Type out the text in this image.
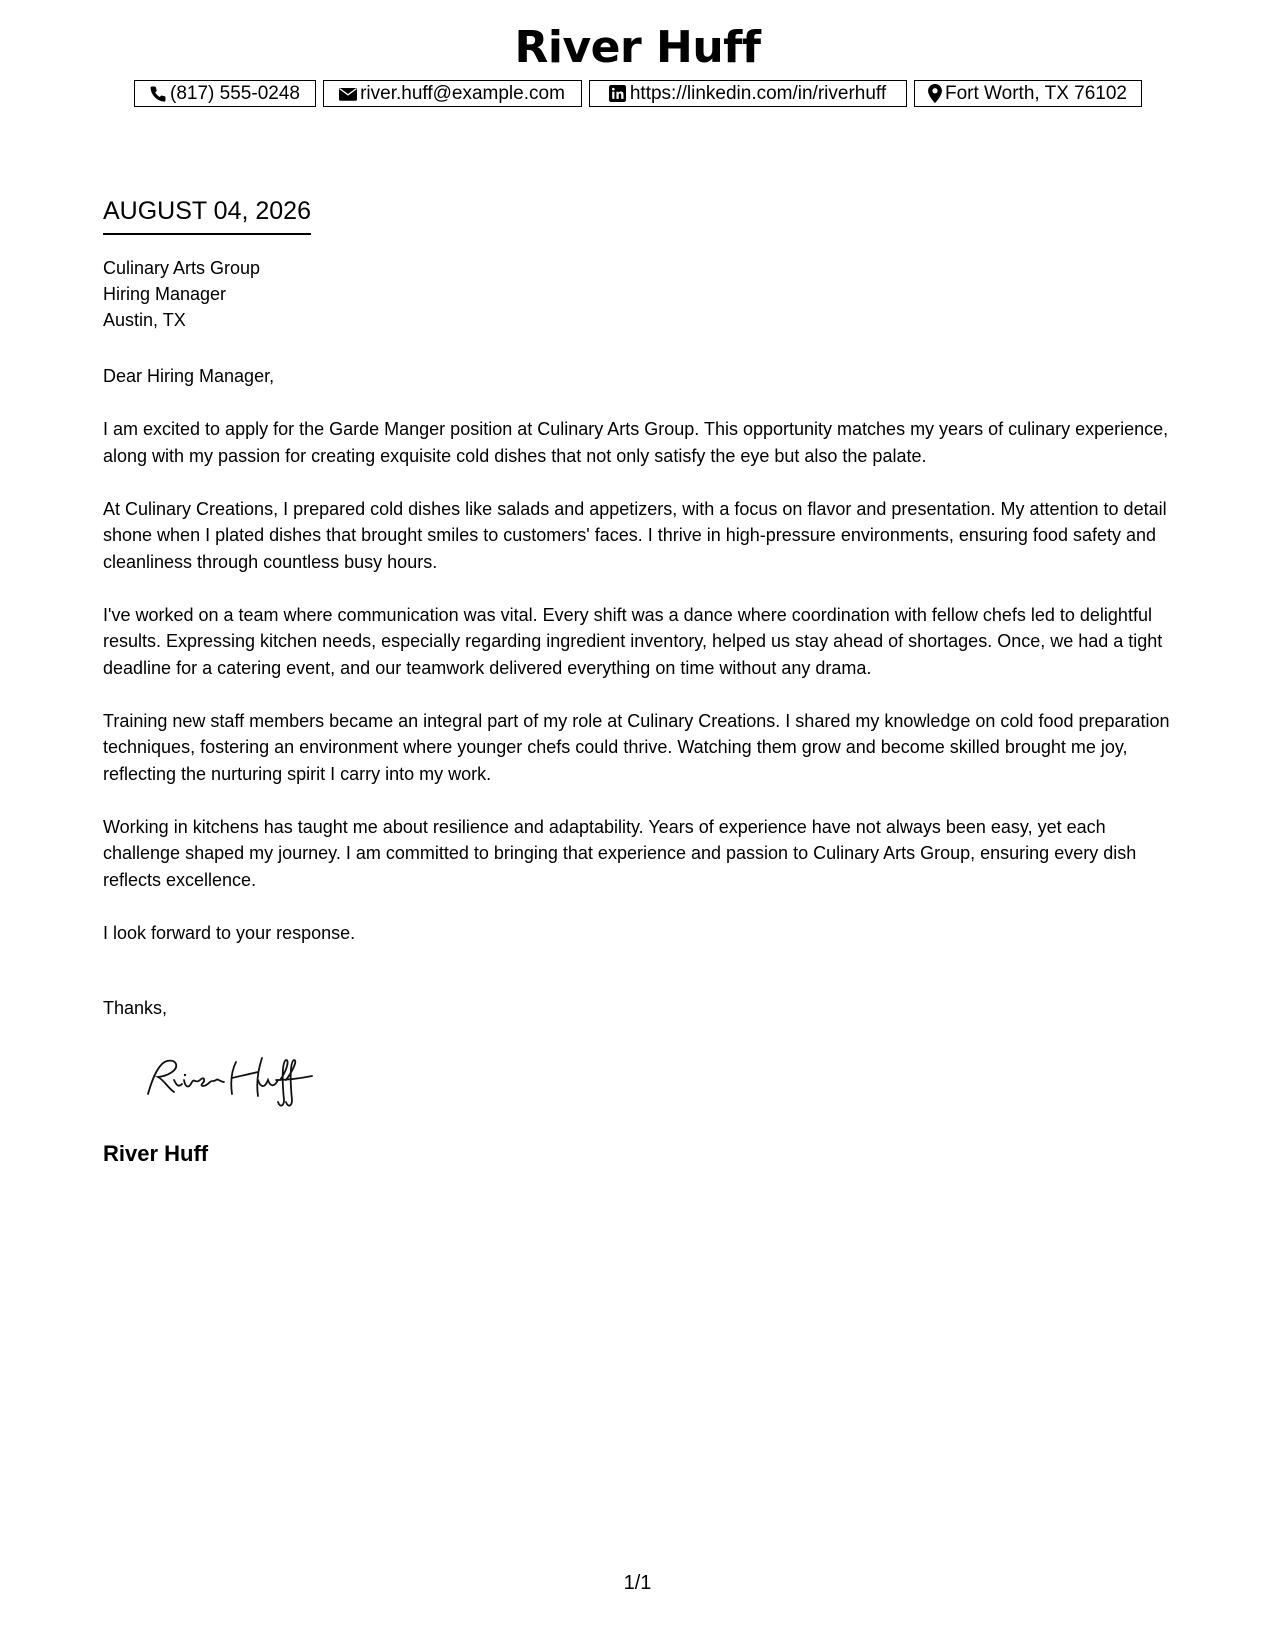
River Huff
(817) 555-0248	river.huff@example.com	https://linkedin.com/in/riverhuff	Fort Worth, TX 76102
AUGUST 04, 2026
Culinary Arts Group
Hiring Manager
Austin, TX

Dear Hiring Manager,

I am excited to apply for the Garde Manger position at Culinary Arts Group. This opportunity matches my years of culinary experience, along with my passion for creating exquisite cold dishes that not only satisfy the eye but also the palate.

At Culinary Creations, I prepared cold dishes like salads and appetizers, with a focus on flavor and presentation. My attention to detail shone when I plated dishes that brought smiles to customers' faces. I thrive in high-pressure environments, ensuring food safety and cleanliness through countless busy hours.

I've worked on a team where communication was vital. Every shift was a dance where coordination with fellow chefs led to delightful results. Expressing kitchen needs, especially regarding ingredient inventory, helped us stay ahead of shortages. Once, we had a tight deadline for a catering event, and our teamwork delivered everything on time without any drama.

Training new staff members became an integral part of my role at Culinary Creations. I shared my knowledge on cold food preparation techniques, fostering an environment where younger chefs could thrive. Watching them grow and become skilled brought me joy, reflecting the nurturing spirit I carry into my work.

Working in kitchens has taught me about resilience and adaptability. Years of experience have not always been easy, yet each challenge shaped my journey. I am committed to bringing that experience and passion to Culinary Arts Group, ensuring every dish reflects excellence.

I look forward to your response.

Thanks,
River Huff
1/1
